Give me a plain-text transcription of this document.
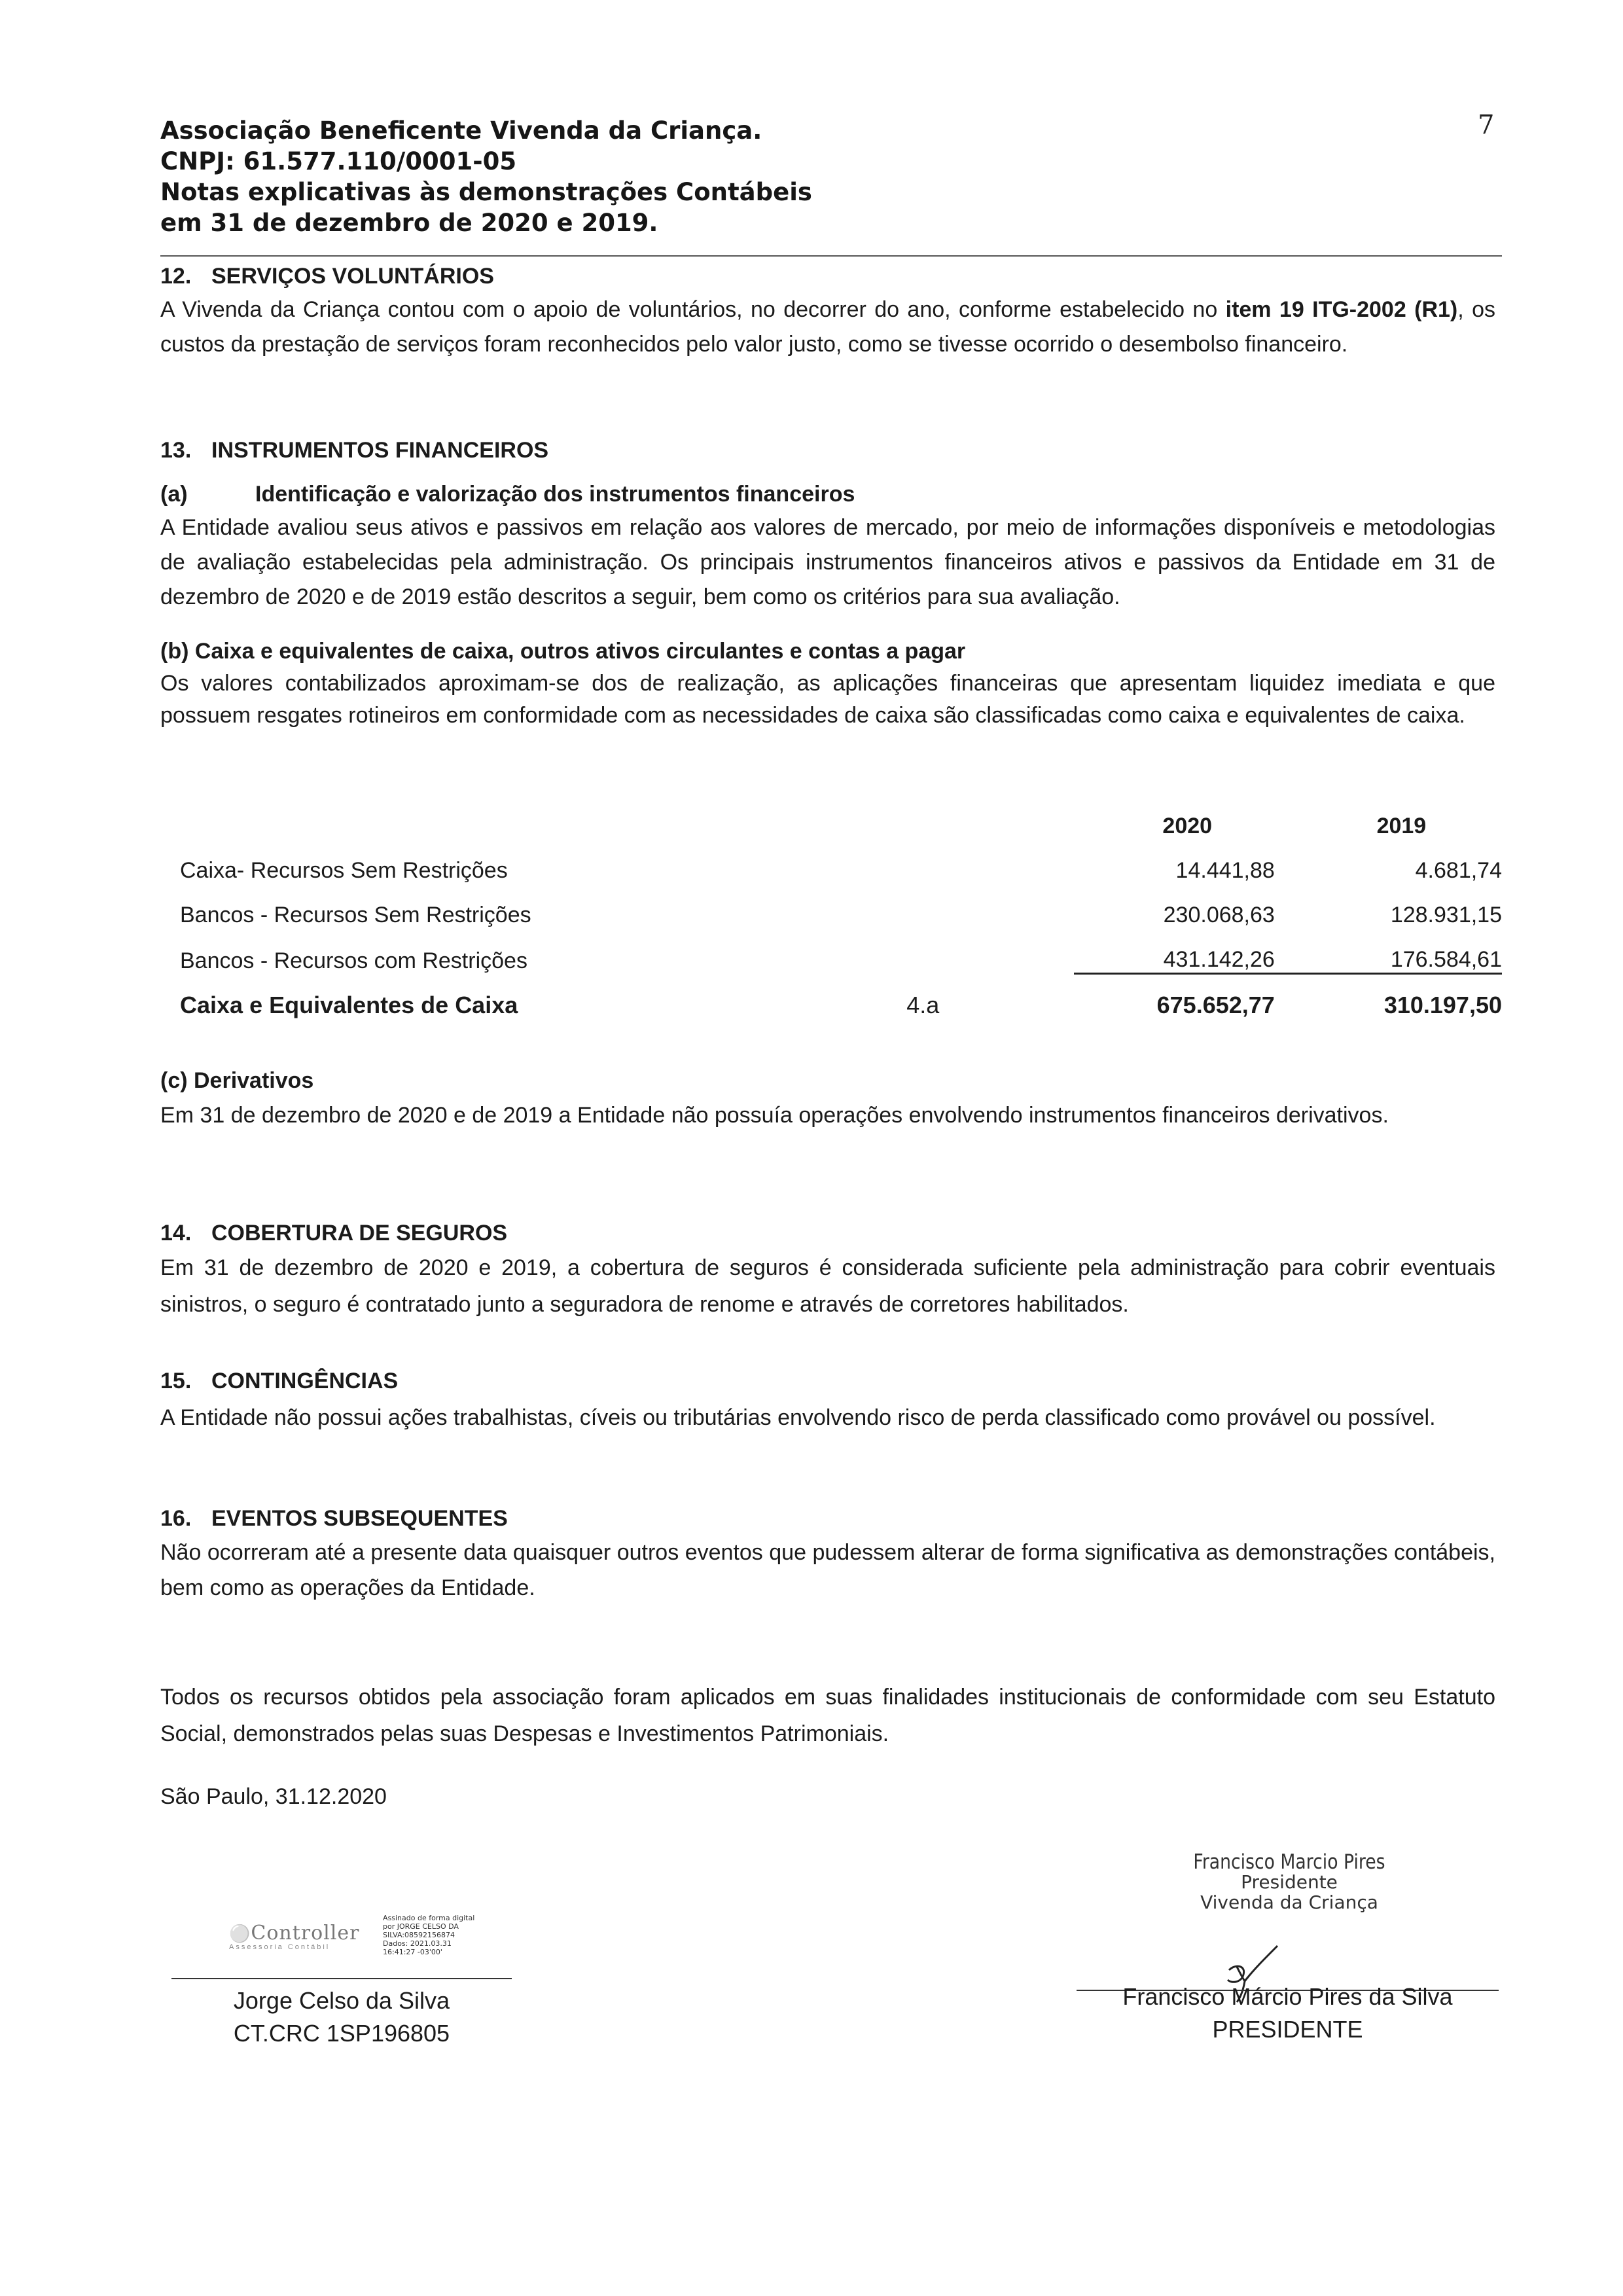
Associação Beneficente Vivenda da Criança.
CNPJ: 61.577.110/0001-05
Notas explicativas às demonstrações Contábeis
em 31 de dezembro de 2020 e 2019.
7

12. SERVIÇOS VOLUNTÁRIOS

A Vivenda da Criança contou com o apoio de voluntários, no decorrer do ano, conforme estabelecido no item 19 ITG-2002 (R1), os custos da prestação de serviços foram reconhecidos pelo valor justo, como se tivesse ocorrido o desembolso financeiro.

13. INSTRUMENTOS FINANCEIROS

(a)	Identificação e valorização dos instrumentos financeiros

A Entidade avaliou seus ativos e passivos em relação aos valores de mercado, por meio de informações disponíveis e metodologias de avaliação estabelecidas pela administração. Os principais instrumentos financeiros ativos e passivos da Entidade em 31 de dezembro de 2020 e de 2019 estão descritos a seguir, bem como os critérios para sua avaliação.

(b) Caixa e equivalentes de caixa, outros ativos circulantes e contas a pagar

Os valores contabilizados aproximam-se dos de realização, as aplicações financeiras que apresentam liquidez imediata e que possuem resgates rotineiros em conformidade com as necessidades de caixa são classificadas como caixa e equivalentes de caixa.

		2020	2019
Caixa- Recursos Sem Restrições		14.441,88	4.681,74
Bancos - Recursos Sem Restrições		230.068,63	128.931,15
Bancos - Recursos com Restrições		431.142,26	176.584,61
Caixa e Equivalentes de Caixa	4.a	675.652,77	310.197,50

(c) Derivativos

Em 31 de dezembro de 2020 e de 2019 a Entidade não possuía operações envolvendo instrumentos financeiros derivativos.

14. COBERTURA DE SEGUROS

Em 31 de dezembro de 2020 e 2019, a cobertura de seguros é considerada suficiente pela administração para cobrir eventuais sinistros, o seguro é contratado junto a seguradora de renome e através de corretores habilitados.

15. CONTINGÊNCIAS

A Entidade não possui ações trabalhistas, cíveis ou tributárias envolvendo risco de perda classificado como provável ou possível.

16. EVENTOS SUBSEQUENTES

Não ocorreram até a presente data quaisquer outros eventos que pudessem alterar de forma significativa as demonstrações contábeis, bem como as operações da Entidade.

Todos os recursos obtidos pela associação foram aplicados em suas finalidades institucionais de conformidade com seu Estatuto Social, demonstrados pelas suas Despesas e Investimentos Patrimoniais.

São Paulo, 31.12.2020
⚪Controller
Assessoria Contábil
Assinado de forma digital
por JORGE CELSO DA
SILVA:08592156874
Dados: 2021.03.31
16:41:27 -03'00'
Jorge Celso da Silva
CT.CRC 1SP196805
Francisco Marcio Pires
Presidente
Vivenda da Criança
Francisco Márcio Pires da Silva
PRESIDENTE
